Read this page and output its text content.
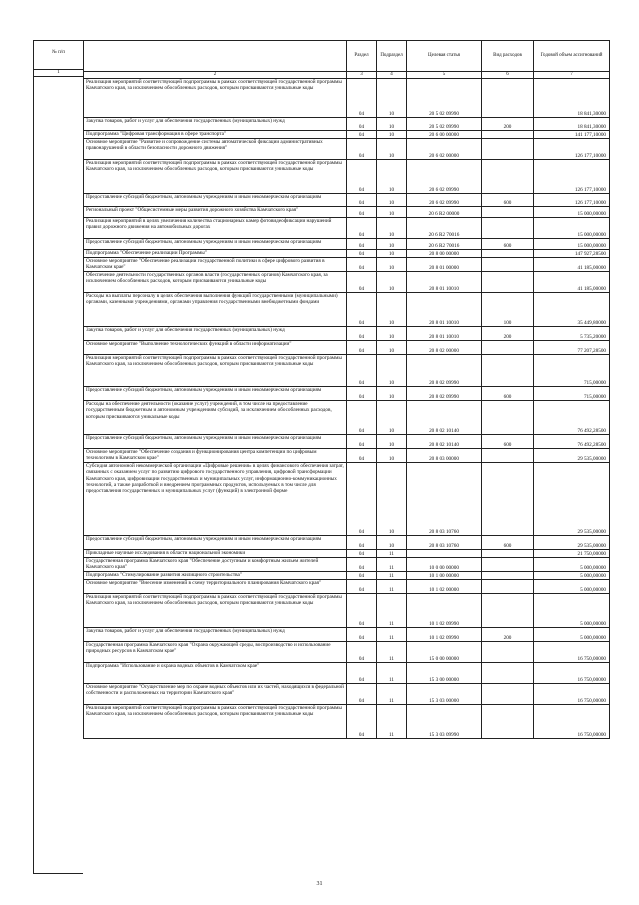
	Раздел	Подраздел	Целевая статья	Вид расходов	Годовой объем ассигнований
2	3	4	5	6	7
Реализация мероприятий соответствующей подпрограммы в рамках соответствующей государственной программы Камчатского края, за исключением обособленных расходов, которым присваиваются уникальные коды	04	10	20 5 02 09990		18 841,30000
Закупка товаров, работ и услуг для обеспечения государственных (муниципальных) нужд	04	10	20 5 02 09990	200	18 841,30000
Подпрограмма "Цифровая трансформация в сфере транспорта"	04	10	20 6 00 00000		141 177,10000
Основное мероприятие "Развитие и сопровождение системы автоматической фиксации административных правонарушений в области безопасности дорожного движения"	04	10	20 6 02 00000		126 177,10000
Реализация мероприятий соответствующей подпрограммы в рамках соответствующей государственной программы Камчатского края, за исключением обособленных расходов, которым присваиваются уникальные коды	04	10	20 6 02 09990		126 177,10000
Предоставление субсидий бюджетным, автономным учреждениям и иным некоммерческим организациям	04	10	20 6 02 09990	600	126 177,10000
Региональный проект "Общесистемные меры развития дорожного хозяйства Камчатского края"	04	10	20 6 R2 00000		15 000,00000
Реализация мероприятий в целях увеличения количества стационарных камер фотовидеофиксации нарушений правил дорожного движения на автомобильных дорогах	04	10	20 6 R2 70016		15 000,00000
Предоставление субсидий бюджетным, автономным учреждениям и иным некоммерческим организациям	04	10	20 6 R2 70016	600	15 000,00000
Подпрограмма "Обеспечение реализации Программы"	04	10	20 8 00 00000		147 927,28500
Основное мероприятие "Обеспечение реализации государственной политики в сфере цифрового развития в Камчатском крае"	04	10	20 8 01 00000		41 185,00000
Обеспечение деятельности государственных органов власти (государственных органов) Камчатского края, за исключением обособленных расходов, которым присваиваются уникальные коды	04	10	20 8 01 10010		41 185,00000
Расходы на выплаты персоналу в целях обеспечения выполнения функций государственными (муниципальными) органами, казенными учреждениями, органами управления государственными внебюджетными фондами	04	10	20 8 01 10010	100	35 449,80000
Закупка товаров, работ и услуг для обеспечения государственных (муниципальных) нужд	04	10	20 8 01 10010	200	5 735,20000
Основное мероприятие "Выполнение технологических функций в области информатизации"	04	10	20 8 02 00000		77 207,28500
Реализация мероприятий соответствующей подпрограммы в рамках соответствующей государственной программы Камчатского края, за исключением обособленных расходов, которым присваиваются уникальные коды	04	10	20 8 02 09990		715,00000
Предоставление субсидий бюджетным, автономным учреждениям и иным некоммерческим организациям	04	10	20 8 02 09990	600	715,00000
Расходы на обеспечение деятельности (оказание услуг) учреждений, в том числе на предоставление государственным бюджетным и автономным учреждениям субсидий, за исключением обособленных расходов, которым присваиваются уникальные коды	04	10	20 8 02 10140		76 492,28500
Предоставление субсидий бюджетным, автономным учреждениям и иным некоммерческим организациям	04	10	20 8 02 10140	600	76 492,28500
Основное мероприятие "Обеспечение создания и функционирования центра компетенции по цифровым технологиям в Камчатском крае"	04	10	20 8 03 00000		29 535,00000
Субсидия автономной некоммерческой организации «Цифровые решения» в целях финансового обеспечения затрат, связанных с оказанием услуг по развитию цифрового государственного управления, цифровой трансформации Камчатского края, цифровизации государственных и муниципальных услуг, информационно-коммуникационных технологий, а также разработкой и внедрением программных продуктов, используемых в том числе для предоставления государственных и муниципальных услуг (функций) в электронной форме	04	10	20 8 03 10760		29 535,00000
Предоставление субсидий бюджетным, автономным учреждениям и иным некоммерческим организациям	04	10	20 8 03 10760	600	29 535,00000
Прикладные научные исследования в области национальной экономики	04	11			21 750,00000
Государственная программа Камчатского края "Обеспечение доступным и комфортным жильем жителей Камчатского края"	04	11	10 0 00 00000		5 000,00000
Подпрограмма "Стимулирование развития жилищного строительства"	04	11	10 1 00 00000		5 000,00000
Основное мероприятие "Внесение изменений в схему территориального планирования Камчатского края"	04	11	10 1 02 00000		5 000,00000
Реализация мероприятий соответствующей подпрограммы в рамках соответствующей государственной программы Камчатского края, за исключением обособленных расходов, которым присваиваются уникальные коды	04	11	10 1 02 09990		5 000,00000
Закупка товаров, работ и услуг для обеспечения государственных (муниципальных) нужд	04	11	10 1 02 09990	200	5 000,00000
Государственная программа Камчатского края "Охрана окружающей среды, воспроизводство и использование природных ресурсов в Камчатском крае"	04	11	15 0 00 00000		16 750,00000
Подпрограмма "Использование и охрана водных объектов в Камчатском крае"	04	11	15 3 00 00000		16 750,00000
Основное мероприятие "Осуществление мер по охране водных объектов или их частей, находящихся в федеральной собственности и расположенных на территории Камчатского края"	04	11	15 3 03 00000		16 750,00000
Реализация мероприятий соответствующей подпрограммы в рамках соответствующей государственной программы Камчатского края, за исключением обособленных расходов, которым присваиваются уникальные коды	04	11	15 3 03 09990		16 750,00000
№ п/п
1
31
